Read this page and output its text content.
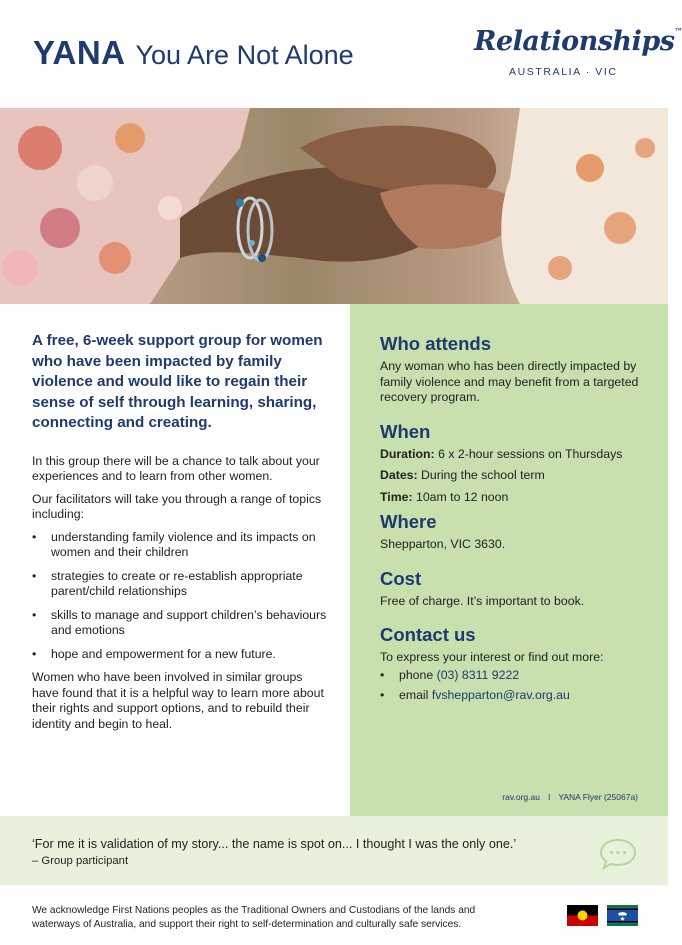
YANA You Are Not Alone	Relationships™
AUSTRALIA · VIC

A free, 6-week support group for women who have been impacted by family violence and would like to regain their sense of self through learning, sharing, connecting and creating.

In this group there will be a chance to talk about your experiences and to learn from other women.

Our facilitators will take you through a range of topics including:

• understanding family violence and its impacts on women and their children
• strategies to create or re-establish appropriate parent/child relationships
• skills to manage and support children’s behaviours and emotions
• hope and empowerment for a new future.

Women who have been involved in similar groups have found that it is a helpful way to learn more about their rights and support options, and to rebuild their identity and begin to heal.

Who attends

Any woman who has been directly impacted by family violence and may benefit from a targeted recovery program.

When

Duration: 6 x 2-hour sessions on Thursdays

Dates: During the school term

Time: 10am to 12 noon

Where

Shepparton, VIC 3630.

Cost

Free of charge. It’s important to book.

Contact us

To express your interest or find out more:

• phone (03) 8311 9222
• email fvshepparton@rav.org.au
rav.org.au I YANA Flyer (25067a)

‘For me it is validation of my story... the name is spot on... I thought I was the only one.’

– Group participant

We acknowledge First Nations peoples as the Traditional Owners and Custodians of the lands and waterways of Australia, and support their right to self-determination and culturally safe services.
